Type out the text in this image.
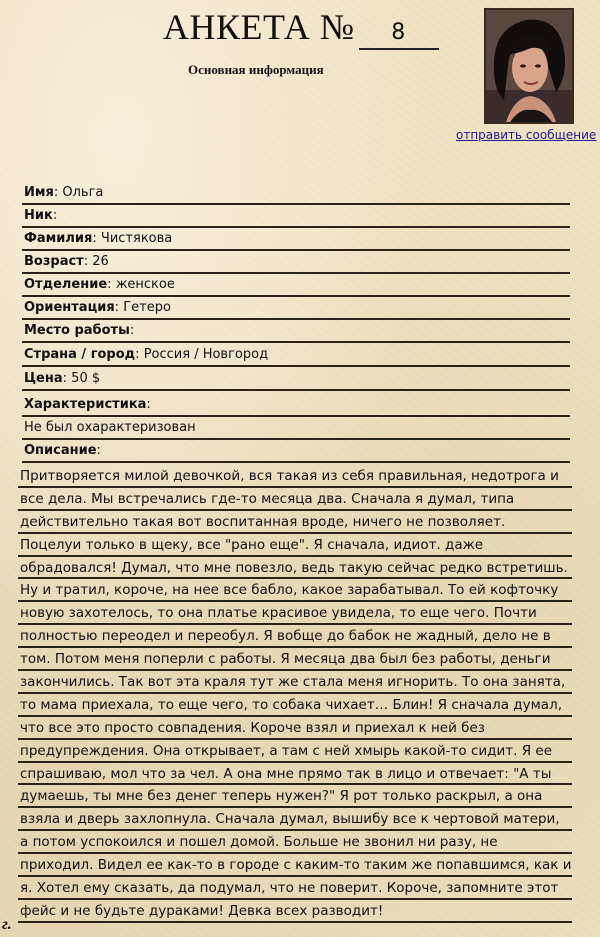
АНКЕТА № 8
Основная информация
отправить сообщение
Имя: Ольга
Ник:
Фамилия: Чистякова
Возраст: 26
Отделение: женское
Ориентация: Гетеро
Место работы:
Страна / город: Россия / Новгород
Цена: 50 $
Характеристика:
Не был охарактеризован
Описание:
Притворяется милой девочкой, вся такая из себя правильная, недотрога и
все дела. Мы встречались где-то месяца два. Сначала я думал, типа
действительно такая вот воспитанная вроде, ничего не позволяет.
Поцелуи только в щеку, все "рано еще". Я сначала, идиот. даже
обрадовался! Думал, что мне повезло, ведь такую сейчас редко встретишь.
Ну и тратил, короче, на нее все бабло, какое зарабатывал. То ей кофточку
новую захотелось, то она платье красивое увидела, то еще чего. Почти
полностью переодел и переобул. Я вобще до бабок не жадный, дело не в
том. Потом меня поперли с работы. Я месяца два был без работы, деньги
закончились. Так вот эта краля тут же стала меня игнорить. То она занята,
то мама приехала, то еще чего, то собака чихает… Блин! Я сначала думал,
что все это просто совпадения. Короче взял и приехал к ней без
предупреждения. Она открывает, а там с ней хмырь какой-то сидит. Я ее
спрашиваю, мол что за чел. А она мне прямо так в лицо и отвечает: "А ты
думаешь, ты мне без денег теперь нужен?" Я рот только раскрыл, а она
взяла и дверь захлопнула. Сначала думал, вышибу все к чертовой матери,
а потом успокоился и пошел домой. Больше не звонил ни разу, не
приходил. Видел ее как-то в городе с каким-то таким же попавшимся, как и
я. Хотел ему сказать, да подумал, что не поверит. Короче, запомните этот
фейс и не будьте дураками! Девка всех разводит!
г.
